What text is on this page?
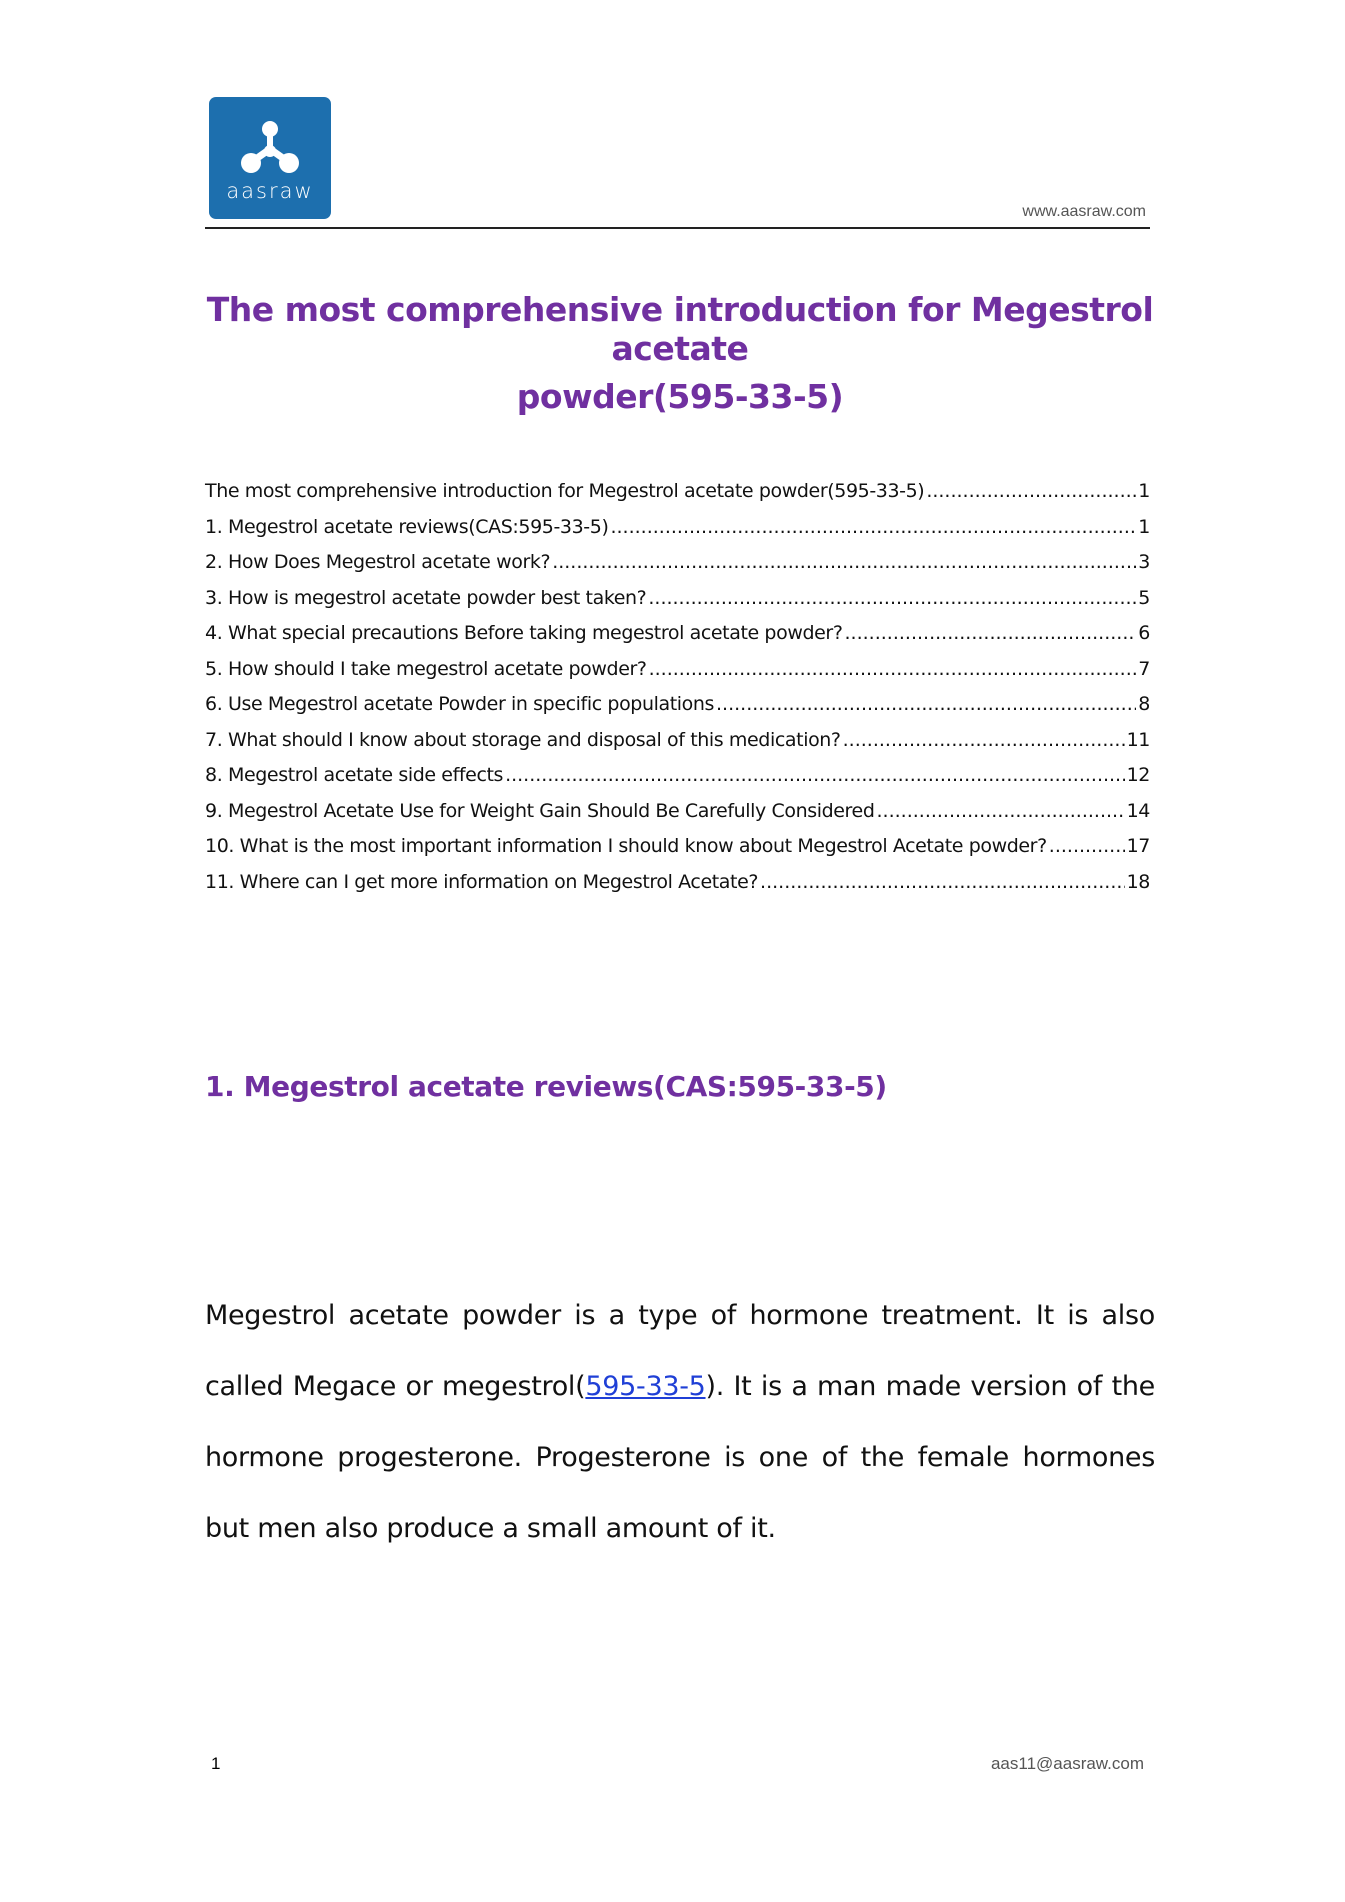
aasraw
www.aasraw.com
The most comprehensive introduction for Megestrol acetate
powder(595-33-5)
The most comprehensive introduction for Megestrol acetate powder(595-33-5) .....	1
1. Megestrol acetate reviews(CAS:595-33-5) .....	1
2. How Does Megestrol acetate work? .....	3
3. How is megestrol acetate powder best taken? .....	5
4. What special precautions Before taking megestrol acetate powder? .....	6
5. How should I take megestrol acetate powder? .....	7
6. Use Megestrol acetate Powder in specific populations .....	8
7. What should I know about storage and disposal of this medication? .....	11
8. Megestrol acetate side effects .....	12
9. Megestrol Acetate Use for Weight Gain Should Be Carefully Considered .....	14
10. What is the most important information I should know about Megestrol Acetate powder? .....	17
11. Where can I get more information on Megestrol Acetate? .....	18
1. Megestrol acetate reviews(CAS:595-33-5)

Megestrol acetate powder is a type of hormone treatment. It is also called Megace or megestrol(595-33-5). It is a man made version of the hormone progesterone. Progesterone is one of the female hormones but men also produce a small amount of it.

1	aas11@aasraw.com
